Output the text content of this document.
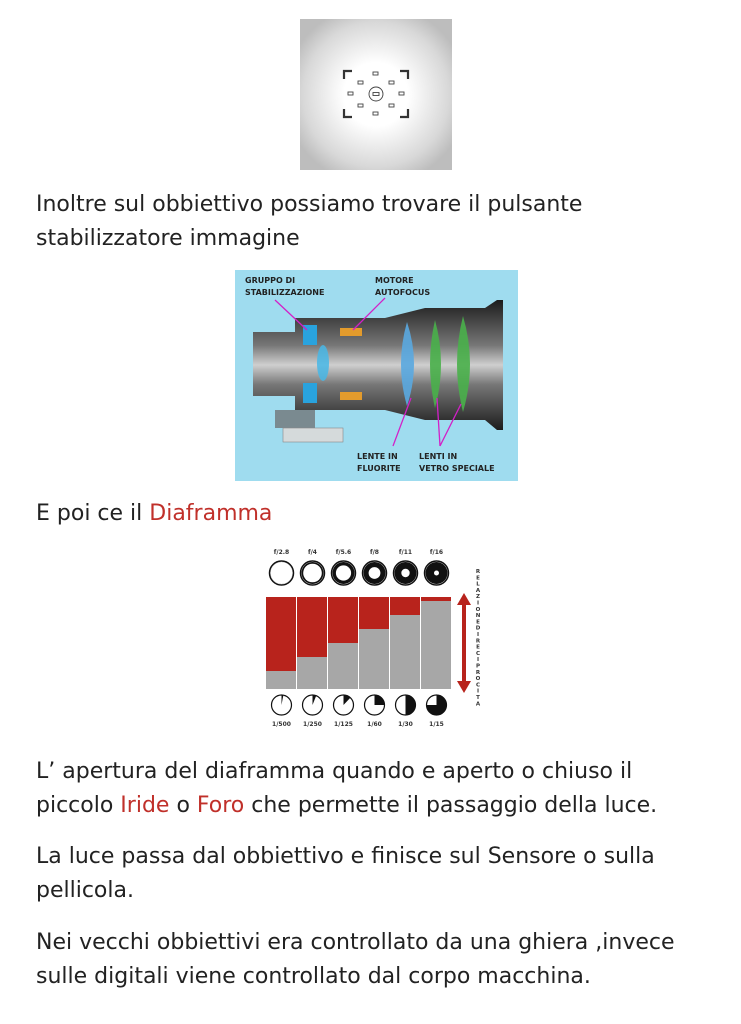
Inoltre sul obbiettivo possiamo trovare il pulsante stabilizzatore immagine

GRUPPO DI
STABILIZZAZIONE
MOTORE
AUTOFOCUS
LENTE IN
FLUORITE
LENTI IN
VETRO SPECIALE

E poi ce il Diaframma

f/2.8	f/4	f/5.6	f/8	f/11	f/16
1/500 1/250 1/125 1/60	1/30	1/15
R E L A Z I O N E D I R E C I P R O C I T A

L’ apertura del diaframma quando e aperto o chiuso il piccolo Iride o Foro che permette il passaggio della luce.

La luce passa dal obbiettivo e finisce sul Sensore o sulla pellicola.

Nei vecchi obbiettivi era controllato da una ghiera ,invece sulle digitali viene controllato dal corpo macchina.
